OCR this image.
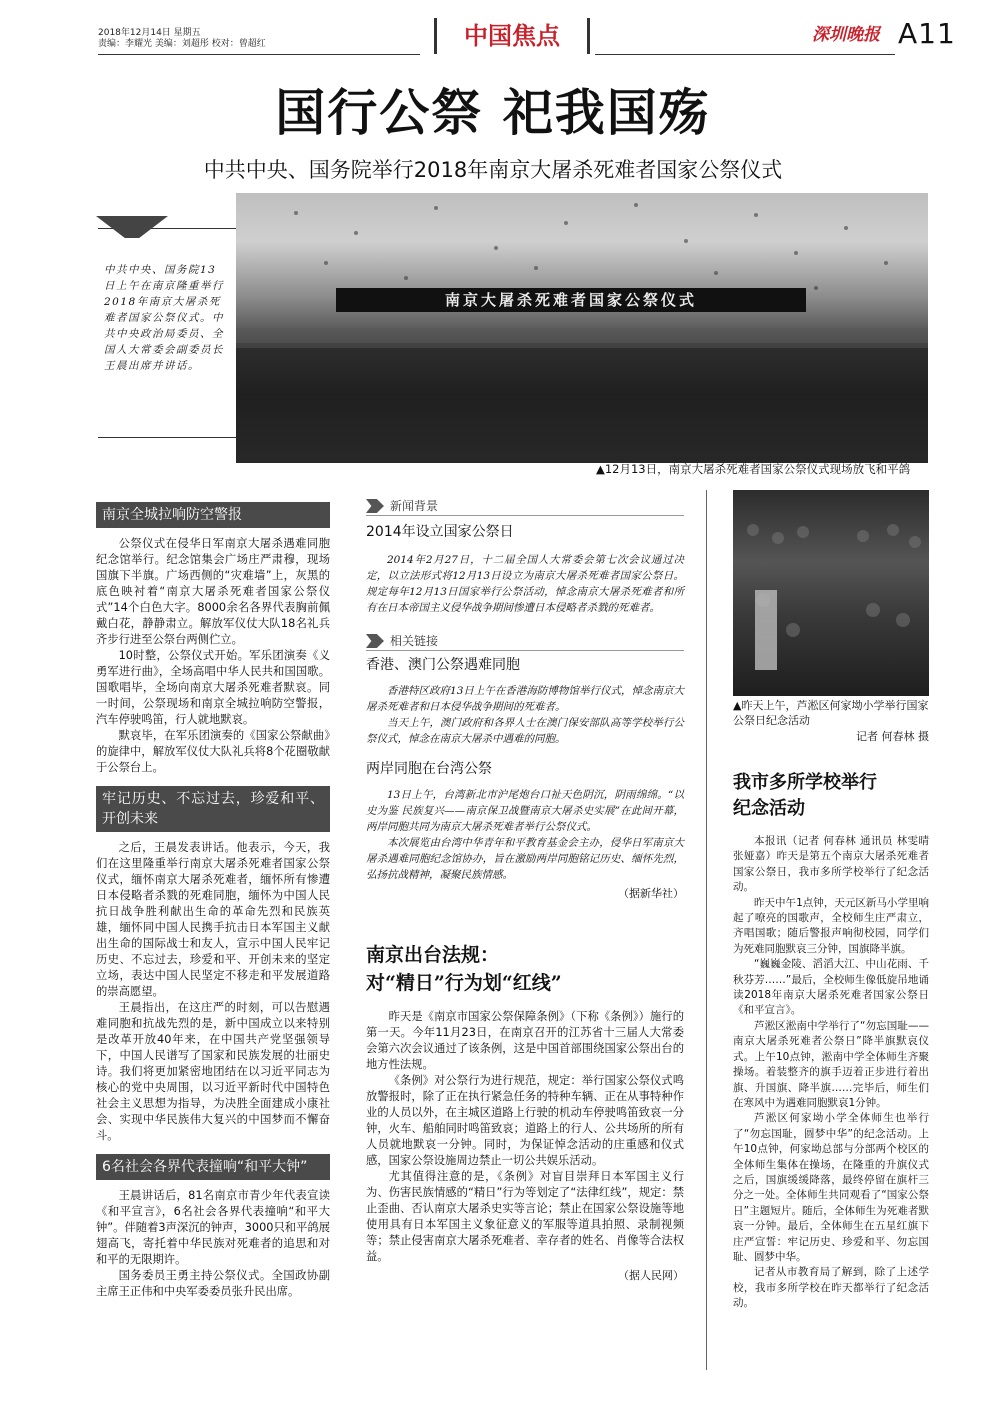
2018年12月14日 星期五
责编：李耀光 美编：刘超彤 校对：曾超红	中国焦点	深圳晚报 A11
国行公祭 祀我国殇
中共中央、国务院举行2018年南京大屠杀死难者国家公祭仪式
中共中央、国务院13日上午在南京隆重举行2018年南京大屠杀死难者国家公祭仪式。中共中央政治局委员、全国人大常委会副委员长王晨出席并讲话。
南京大屠杀死难者国家公祭仪式
▲12月13日，南京大屠杀死难者国家公祭仪式现场放飞和平鸽
南京全城拉响防空警报

公祭仪式在侵华日军南京大屠杀遇难同胞纪念馆举行。纪念馆集会广场庄严肃穆，现场国旗下半旗。广场西侧的“灾难墙”上，灰黑的底色映衬着“南京大屠杀死难者国家公祭仪式”14个白色大字。8000余名各界代表胸前佩戴白花，静静肃立。解放军仪仗大队18名礼兵齐步行进至公祭台两侧伫立。

10时整，公祭仪式开始。军乐团演奏《义勇军进行曲》，全场高唱中华人民共和国国歌。国歌唱毕，全场向南京大屠杀死难者默哀。同一时间，公祭现场和南京全城拉响防空警报，汽车停驶鸣笛，行人就地默哀。

默哀毕，在军乐团演奏的《国家公祭献曲》的旋律中，解放军仪仗大队礼兵将8个花圈敬献于公祭台上。

牢记历史、不忘过去，珍爱和平、开创未来

之后，王晨发表讲话。他表示，今天，我们在这里隆重举行南京大屠杀死难者国家公祭仪式，缅怀南京大屠杀死难者，缅怀所有惨遭日本侵略者杀戮的死难同胞，缅怀为中国人民抗日战争胜利献出生命的革命先烈和民族英雄，缅怀同中国人民携手抗击日本军国主义献出生命的国际战士和友人，宣示中国人民牢记历史、不忘过去，珍爱和平、开创未来的坚定立场，表达中国人民坚定不移走和平发展道路的崇高愿望。

王晨指出，在这庄严的时刻，可以告慰遇难同胞和抗战先烈的是，新中国成立以来特别是改革开放40年来，在中国共产党坚强领导下，中国人民谱写了国家和民族发展的壮丽史诗。我们将更加紧密地团结在以习近平同志为核心的党中央周围，以习近平新时代中国特色社会主义思想为指导，为决胜全面建成小康社会、实现中华民族伟大复兴的中国梦而不懈奋斗。

6名社会各界代表撞响“和平大钟”

王晨讲话后，81名南京市青少年代表宣读《和平宣言》，6名社会各界代表撞响“和平大钟”。伴随着3声深沉的钟声，3000只和平鸽展翅高飞，寄托着中华民族对死难者的追思和对和平的无限期许。

国务委员王勇主持公祭仪式。全国政协副主席王正伟和中央军委委员张升民出席。

新闻背景
2014年设立国家公祭日

2014年2月27日，十二届全国人大常委会第七次会议通过决定，以立法形式将12月13日设立为南京大屠杀死难者国家公祭日。规定每年12月13日国家举行公祭活动，悼念南京大屠杀死难者和所有在日本帝国主义侵华战争期间惨遭日本侵略者杀戮的死难者。

相关链接
香港、澳门公祭遇难同胞

香港特区政府13日上午在香港海防博物馆举行仪式，悼念南京大屠杀死难者和日本侵华战争期间的死难者。

当天上午，澳门政府和各界人士在澳门保安部队高等学校举行公祭仪式，悼念在南京大屠杀中遇难的同胞。

两岸同胞在台湾公祭

13日上午，台湾新北市沪尾炮台口祉天色阴沉，阴雨绵绵。“以史为鉴 民族复兴——南京保卫战暨南京大屠杀史实展”在此间开幕，两岸同胞共同为南京大屠杀死难者举行公祭仪式。

本次展览由台湾中华青年和平教育基金会主办，侵华日军南京大屠杀遇难同胞纪念馆协办，旨在激励两岸同胞铭记历史、缅怀先烈，弘扬抗战精神，凝聚民族情感。

（据新华社）
南京出台法规：
对“精日”行为划“红线”

昨天是《南京市国家公祭保障条例》（下称《条例》）施行的第一天。今年11月23日，在南京召开的江苏省十三届人大常委会第六次会议通过了该条例，这是中国首部围绕国家公祭出台的地方性法规。

《条例》对公祭行为进行规范，规定：举行国家公祭仪式鸣放警报时，除了正在执行紧急任务的特种车辆、正在从事特种作业的人员以外，在主城区道路上行驶的机动车停驶鸣笛致哀一分钟，火车、船舶同时鸣笛致哀；道路上的行人、公共场所的所有人员就地默哀一分钟。同时，为保证悼念活动的庄重感和仪式感，国家公祭设施周边禁止一切公共娱乐活动。

尤其值得注意的是，《条例》对盲目崇拜日本军国主义行为、伤害民族情感的“精日”行为等划定了“法律红线”，规定：禁止歪曲、否认南京大屠杀史实等言论；禁止在国家公祭设施等地使用具有日本军国主义象征意义的军服等道具拍照、录制视频等；禁止侵害南京大屠杀死难者、幸存者的姓名、肖像等合法权益。

（据人民网）
▲昨天上午，芦淞区何家坳小学举行国家公祭日纪念活动
记者 何春林 摄
我市多所学校举行
纪念活动

本报讯（记者 何春林 通讯员 林雯晴 张娅嘉）昨天是第五个南京大屠杀死难者国家公祭日，我市多所学校举行了纪念活动。

昨天中午1点钟，天元区新马小学里响起了嘹亮的国歌声，全校师生庄严肃立，齐唱国歌；随后警报声响彻校园，同学们为死难同胞默哀三分钟，国旗降半旗。

“巍巍金陵、滔滔大江、中山花雨、千秋芬芳……”最后，全校师生像低旋吊地诵读2018年南京大屠杀死难者国家公祭日《和平宣言》。

芦淞区淞南中学举行了“勿忘国耻——南京大屠杀死难者公祭日”降半旗默哀仪式。上午10点钟，淞南中学全体师生齐聚操场。着装整齐的旗手迈着正步进行着出旗、升国旗、降半旗……完毕后，师生们在寒风中为遇难同胞默哀1分钟。

芦淞区何家坳小学全体师生也举行了“勿忘国耻，圆梦中华”的纪念活动。上午10点钟，何家坳总部与分部两个校区的全体师生集体在操场，在隆重的升旗仪式之后，国旗缓缓降落，最终停留在旗杆三分之一处。全体师生共同观看了“国家公祭日”主题短片。随后，全体师生为死难者默哀一分钟。最后，全体师生在五星红旗下庄严宣誓：牢记历史、珍爱和平、勿忘国耻、圆梦中华。

记者从市教育局了解到，除了上述学校，我市多所学校在昨天都举行了纪念活动。
